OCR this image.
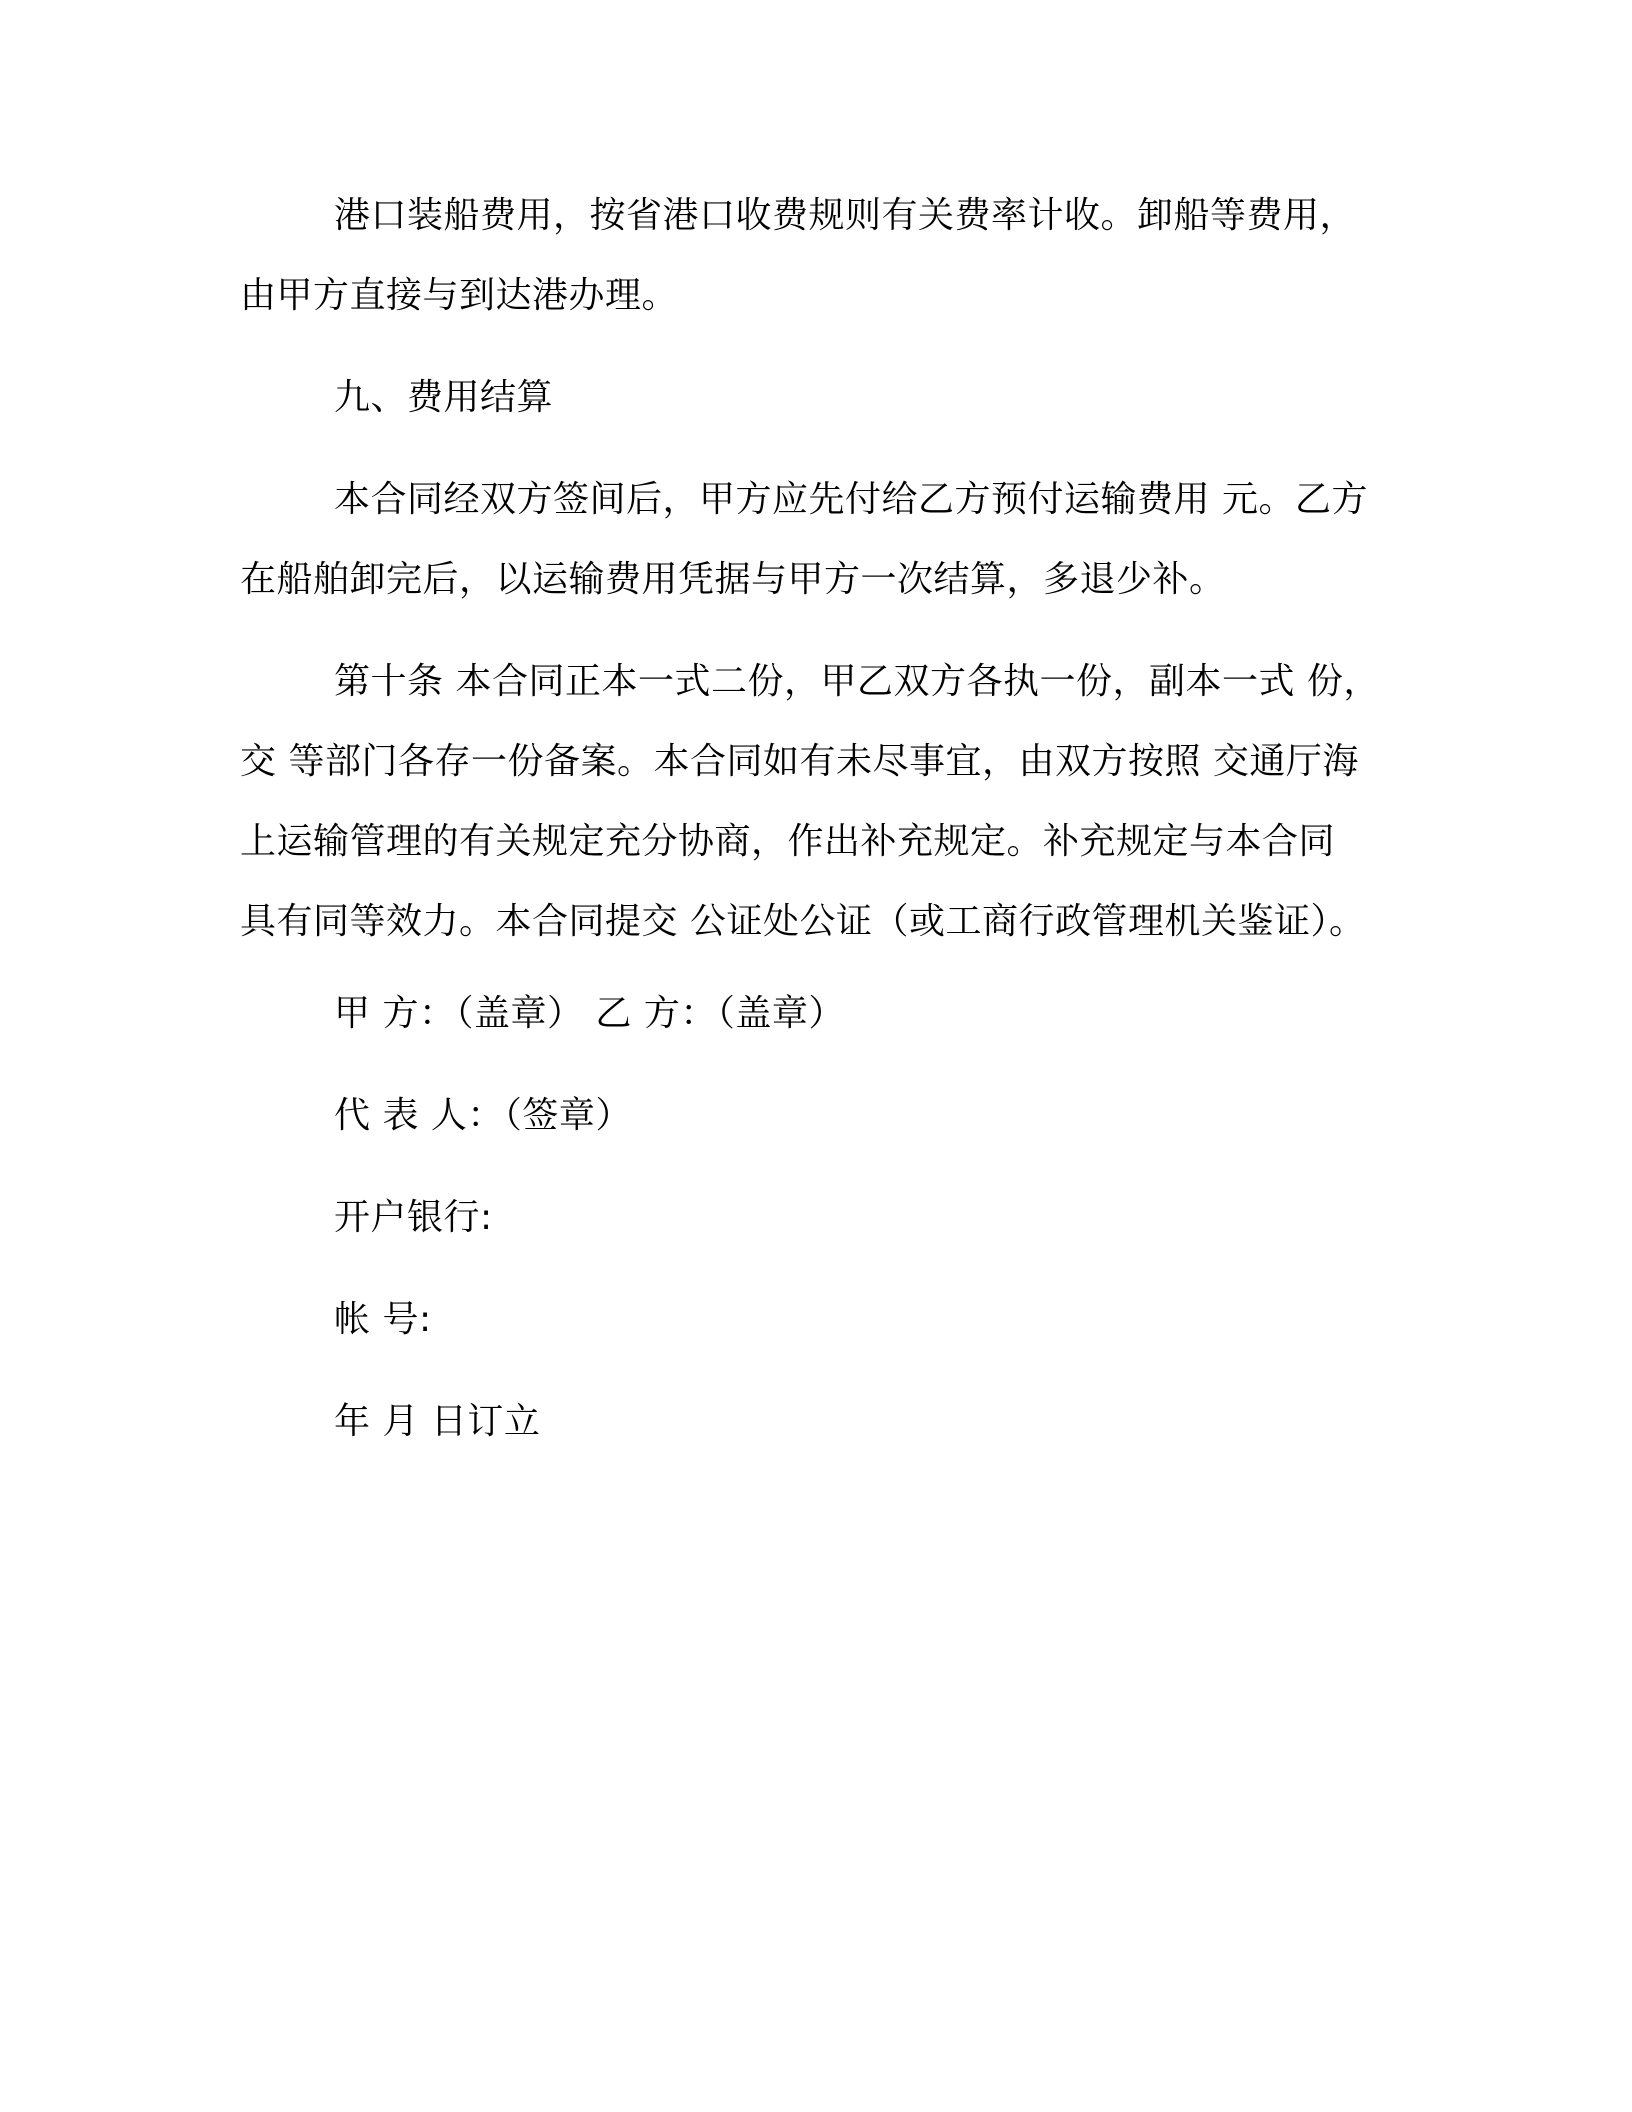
港口装船费用，按省港口收费规则有关费率计收。卸船等费用，
由甲方直接与到达港办理。
九、费用结算
本合同经双方签间后，甲方应先付给乙方预付运输费用 元。乙方
在船舶卸完后，以运输费用凭据与甲方一次结算，多退少补。
第十条 本合同正本一式二份，甲乙双方各执一份，副本一式 份，
交 等部门各存一份备案。本合同如有未尽事宜，由双方按照 交通厅海
上运输管理的有关规定充分协商，作出补充规定。补充规定与本合同
具有同等效力。本合同提交 公证处公证（或工商行政管理机关鉴证）。
甲 方：（盖章） 乙 方：（盖章）
代 表 人：（签章）
开户银行:
帐 号:
年 月 日订立
